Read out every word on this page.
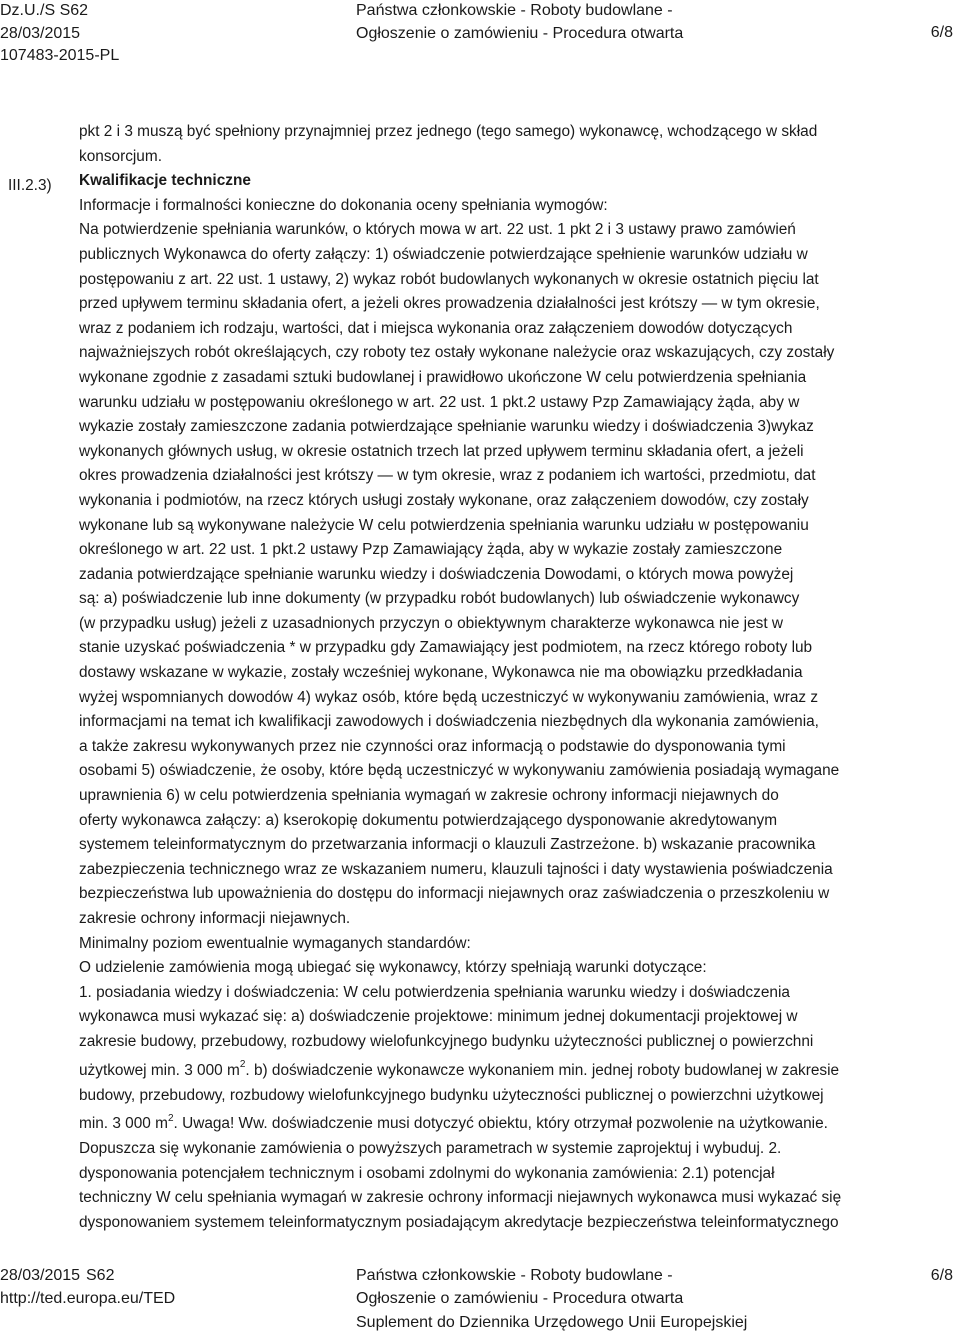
Dz.U./S S62
28/03/2015
107483-2015-PL
Państwa członkowskie - Roboty budowlane -
Ogłoszenie o zamówieniu - Procedura otwarta	6/8
III.2.3)

pkt 2 i 3 muszą być spełniony przynajmniej przez jednego (tego samego) wykonawcę, wchodzącego w skład

konsorcjum.

Kwalifikacje techniczne

Informacje i formalności konieczne do dokonania oceny spełniania wymogów:

Na potwierdzenie spełniania warunków, o których mowa w art. 22 ust. 1 pkt 2 i 3 ustawy prawo zamówień

publicznych Wykonawca do oferty załączy: 1) oświadczenie potwierdzające spełnienie warunków udziału w

postępowaniu z art. 22 ust. 1 ustawy, 2) wykaz robót budowlanych wykonanych w okresie ostatnich pięciu lat

przed upływem terminu składania ofert, a jeżeli okres prowadzenia działalności jest krótszy — w tym okresie,

wraz z podaniem ich rodzaju, wartości, dat i miejsca wykonania oraz załączeniem dowodów dotyczących

najważniejszych robót określających, czy roboty tez ostały wykonane należycie oraz wskazujących, czy zostały

wykonane zgodnie z zasadami sztuki budowlanej i prawidłowo ukończone W celu potwierdzenia spełniania

warunku udziału w postępowaniu określonego w art. 22 ust. 1 pkt.2 ustawy Pzp Zamawiający żąda, aby w

wykazie zostały zamieszczone zadania potwierdzające spełnianie warunku wiedzy i doświadczenia 3)wykaz

wykonanych głównych usług, w okresie ostatnich trzech lat przed upływem terminu składania ofert, a jeżeli

okres prowadzenia działalności jest krótszy — w tym okresie, wraz z podaniem ich wartości, przedmiotu, dat

wykonania i podmiotów, na rzecz których usługi zostały wykonane, oraz załączeniem dowodów, czy zostały

wykonane lub są wykonywane należycie W celu potwierdzenia spełniania warunku udziału w postępowaniu

określonego w art. 22 ust. 1 pkt.2 ustawy Pzp Zamawiający żąda, aby w wykazie zostały zamieszczone

zadania potwierdzające spełnianie warunku wiedzy i doświadczenia Dowodami, o których mowa powyżej

są: a) poświadczenie lub inne dokumenty (w przypadku robót budowlanych) lub oświadczenie wykonawcy

(w przypadku usług) jeżeli z uzasadnionych przyczyn o obiektywnym charakterze wykonawca nie jest w

stanie uzyskać poświadczenia * w przypadku gdy Zamawiający jest podmiotem, na rzecz którego roboty lub

dostawy wskazane w wykazie, zostały wcześniej wykonane, Wykonawca nie ma obowiązku przedkładania

wyżej wspomnianych dowodów 4) wykaz osób, które będą uczestniczyć w wykonywaniu zamówienia, wraz z

informacjami na temat ich kwalifikacji zawodowych i doświadczenia niezbędnych dla wykonania zamówienia,

a także zakresu wykonywanych przez nie czynności oraz informacją o podstawie do dysponowania tymi

osobami 5) oświadczenie, że osoby, które będą uczestniczyć w wykonywaniu zamówienia posiadają wymagane

uprawnienia 6) w celu potwierdzenia spełniania wymagań w zakresie ochrony informacji niejawnych do

oferty wykonawca załączy: a) kserokopię dokumentu potwierdzającego dysponowanie akredytowanym

systemem teleinformatycznym do przetwarzania informacji o klauzuli Zastrzeżone. b) wskazanie pracownika

zabezpieczenia technicznego wraz ze wskazaniem numeru, klauzuli tajności i daty wystawienia poświadczenia

bezpieczeństwa lub upoważnienia do dostępu do informacji niejawnych oraz zaświadczenia o przeszkoleniu w

zakresie ochrony informacji niejawnych.

Minimalny poziom ewentualnie wymaganych standardów:

O udzielenie zamówienia mogą ubiegać się wykonawcy, którzy spełniają warunki dotyczące:

1. posiadania wiedzy i doświadczenia: W celu potwierdzenia spełniania warunku wiedzy i doświadczenia

wykonawca musi wykazać się: a) doświadczenie projektowe: minimum jednej dokumentacji projektowej w

zakresie budowy, przebudowy, rozbudowy wielofunkcyjnego budynku użyteczności publicznej o powierzchni

użytkowej min. 3 000 $m^2$. b) doświadczenie wykonawcze wykonaniem min. jednej roboty budowlanej w zakresie

budowy, przebudowy, rozbudowy wielofunkcyjnego budynku użyteczności publicznej o powierzchni użytkowej

min. 3 000 $m^2$. Uwaga! Ww. doświadczenie musi dotyczyć obiektu, który otrzymał pozwolenie na użytkowanie.

Dopuszcza się wykonanie zamówienia o powyższych parametrach w systemie zaprojektuj i wybuduj. 2.

dysponowania potencjałem technicznym i osobami zdolnymi do wykonania zamówienia: 2.1) potencjał

techniczny W celu spełniania wymagań w zakresie ochrony informacji niejawnych wykonawca musi wykazać się

dysponowaniem systemem teleinformatycznym posiadającym akredytacje bezpieczeństwa teleinformatycznego

28/03/2015 S62
http://ted.europa.eu/TED
Państwa członkowskie - Roboty budowlane -
Ogłoszenie o zamówieniu - Procedura otwarta
Suplement do Dziennika Urzędowego Unii Europejskiej
6/8
